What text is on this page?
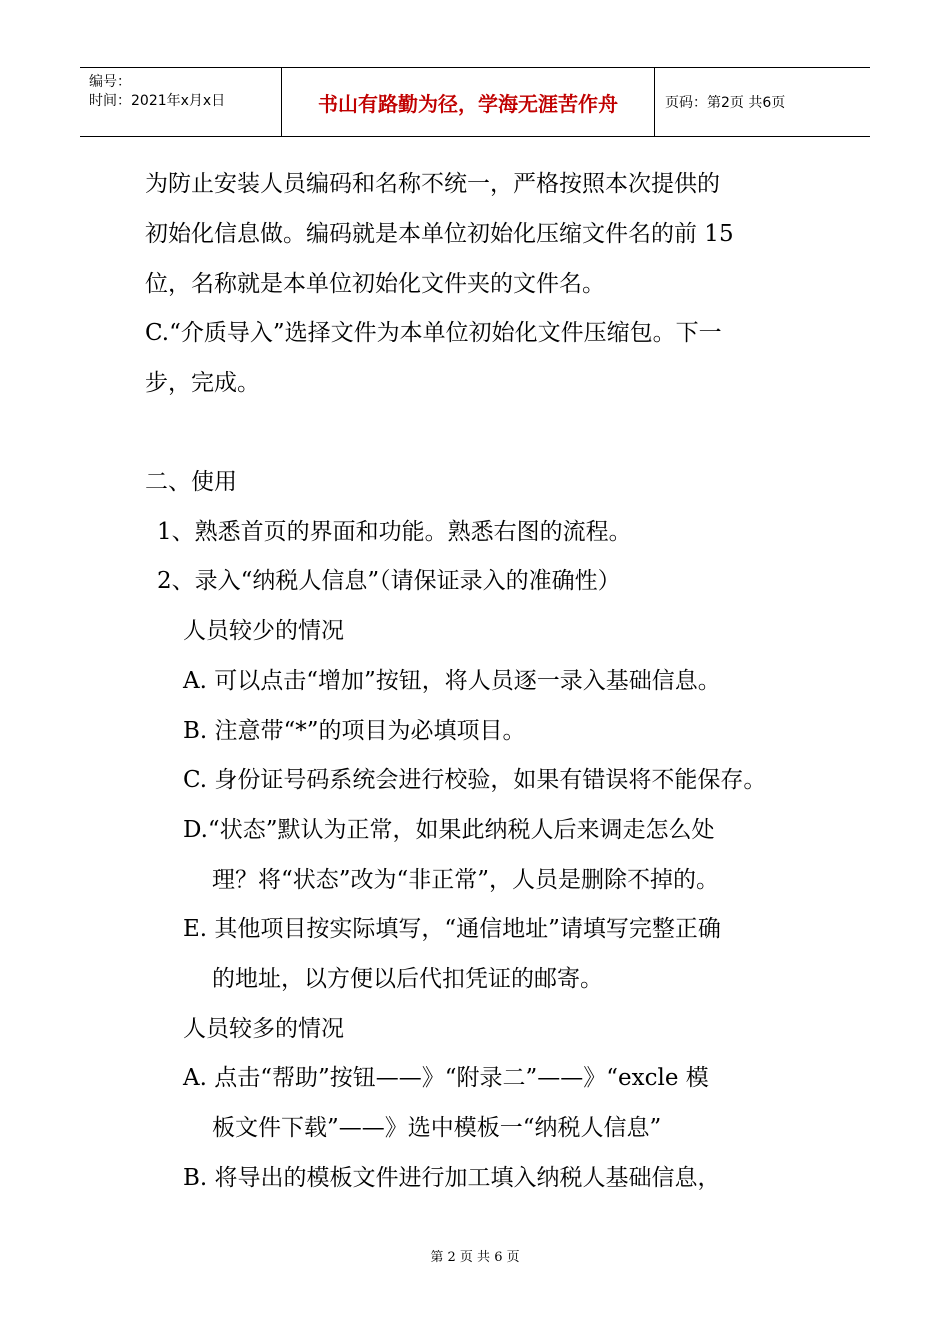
编号：
时间：2021年x月x日	书山有路勤为径，学海无涯苦作舟	页码：第2页 共6页
为防止安装人员编码和名称不统一，严格按照本次提供的
初始化信息做。编码就是本单位初始化压缩文件名的前 15
位，名称就是本单位初始化文件夹的文件名。
C.“介质导入”选择文件为本单位初始化文件压缩包。下一
步，完成。
二、使用
1、熟悉首页的界面和功能。熟悉右图的流程。
2、录入“纳税人信息”（请保证录入的准确性）
人员较少的情况
A. 可以点击“增加”按钮，将人员逐一录入基础信息。
B. 注意带“*”的项目为必填项目。
C. 身份证号码系统会进行校验，如果有错误将不能保存。
D.“状态”默认为正常，如果此纳税人后来调走怎么处
理？将“状态”改为“非正常”，人员是删除不掉的。
E. 其他项目按实际填写，“通信地址”请填写完整正确
的地址，以方便以后代扣凭证的邮寄。
人员较多的情况
A. 点击“帮助”按钮——》“附录二”——》“excle 模
板文件下载”——》选中模板一“纳税人信息”
B. 将导出的模板文件进行加工填入纳税人基础信息，
第 2 页 共 6 页
